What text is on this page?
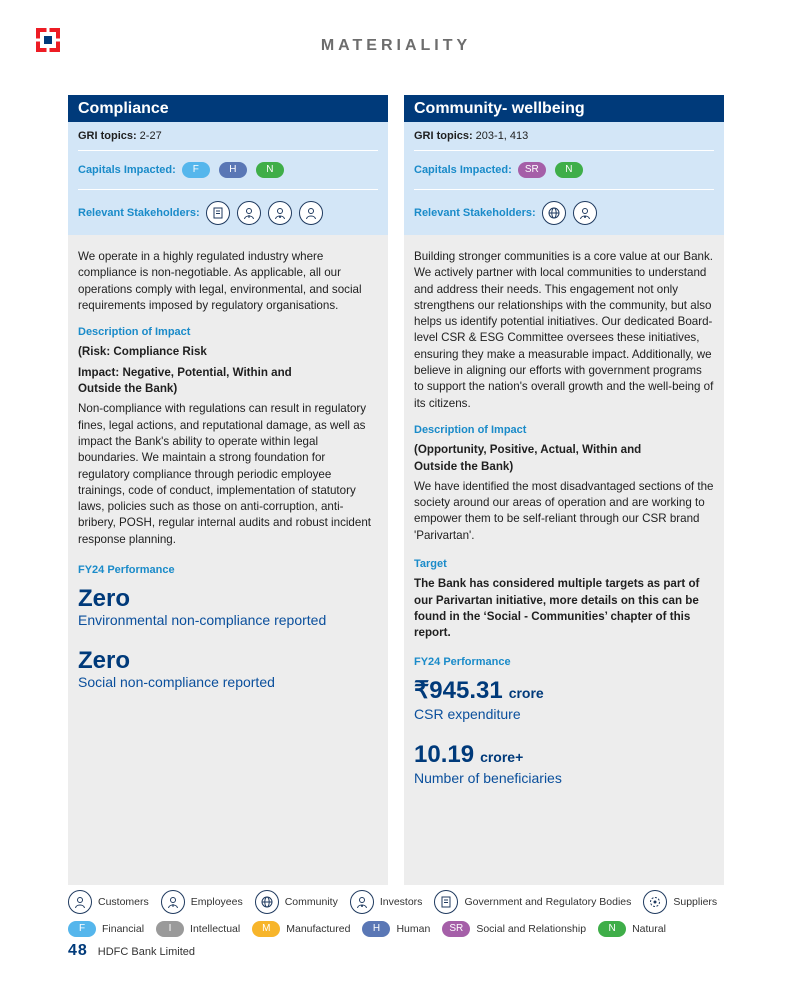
MATERIALITY
Compliance
GRI topics: 2-27
Capitals Impacted:	F	H	N
Relevant Stakeholders:

We operate in a highly regulated industry where compliance is non-negotiable. As applicable, all our operations comply with legal, environmental, and social requirements imposed by regulatory organisations.

Description of Impact
(Risk: Compliance Risk
Impact: Negative, Potential, Within and Outside the Bank)

Non-compliance with regulations can result in regulatory fines, legal actions, and reputational damage, as well as impact the Bank's ability to operate within legal boundaries. We maintain a strong foundation for regulatory compliance through periodic employee trainings, code of conduct, implementation of statutory laws, policies such as those on anti-corruption, anti-bribery, POSH, regular internal audits and robust incident response planning.

FY24 Performance
Zero
Environmental non-compliance reported
Zero
Social non-compliance reported
Community- wellbeing
GRI topics: 203-1, 413
Capitals Impacted:	SR	N
Relevant Stakeholders:

Building stronger communities is a core value at our Bank. We actively partner with local communities to understand and address their needs. This engagement not only strengthens our relationships with the community, but also helps us identify potential initiatives. Our dedicated Board-level CSR & ESG Committee oversees these initiatives, ensuring they make a measurable impact. Additionally, we believe in aligning our efforts with government programs to support the nation's overall growth and the well-being of its citizens.

Description of Impact
(Opportunity, Positive, Actual, Within and Outside the Bank)

We have identified the most disadvantaged sections of the society around our areas of operation and are working to empower them to be self-reliant through our CSR brand 'Parivartan'.

Target

The Bank has considered multiple targets as part of our Parivartan initiative, more details on this can be found in the ‘Social - Communities’ chapter of this report.

FY24 Performance
₹945.31 crore
CSR expenditure
10.19 crore+
Number of beneficiaries
Customers	Employees	Community	Investors	Government and Regulatory Bodies	Suppliers
F	Financial	I	Intellectual	M	Manufactured	H	Human	SR	Social and Relationship	N	Natural
48 HDFC Bank Limited
